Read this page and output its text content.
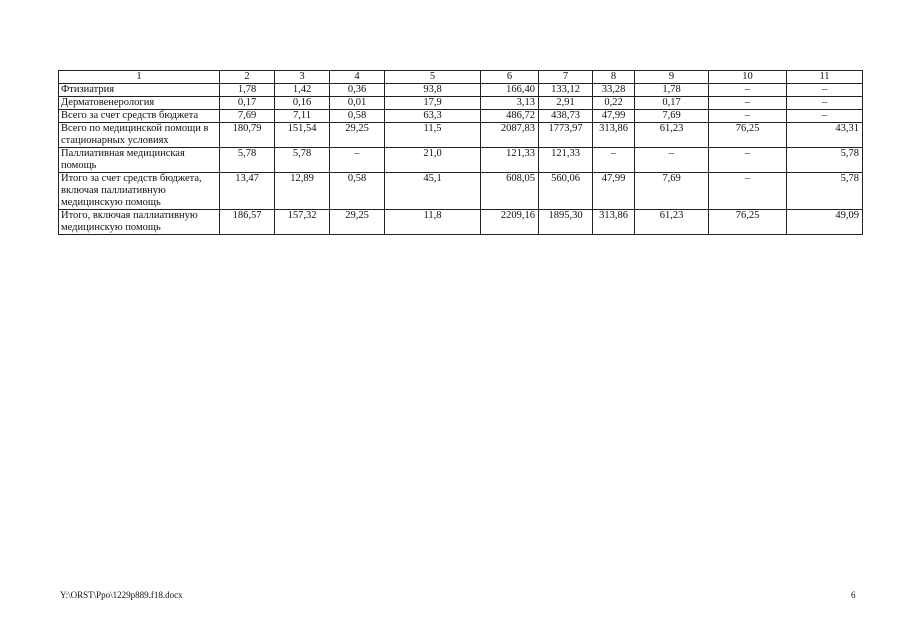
1	2	3	4	5	6	7	8	9	10	11
Фтизиатрия	1,78	1,42	0,36	93,8	166,40	133,12	33,28	1,78	–	–
Дерматовенерология	0,17	0,16	0,01	17,9	3,13	2,91	0,22	0,17	–	–
Всего за счет средств бюджета	7,69	7,11	0,58	63,3	486,72	438,73	47,99	7,69	–	–
Всего по медицинской помощи в стационарных условиях	180,79	151,54	29,25	11,5	2087,83	1773,97	313,86	61,23	76,25	43,31
Паллиативная медицинская помощь	5,78	5,78	–	21,0	121,33	121,33	–	–	–	5,78
Итого за счет средств бюджета, включая паллиативную медицинскую помощь	13,47	12,89	0,58	45,1	608,05	560,06	47,99	7,69	–	5,78
Итого, включая паллиативную медицинскую помощь	186,57	157,32	29,25	11,8	2209,16	1895,30	313,86	61,23	76,25	49,09
Y:\ORST\Ppo\1229p889.f18.docx	6
